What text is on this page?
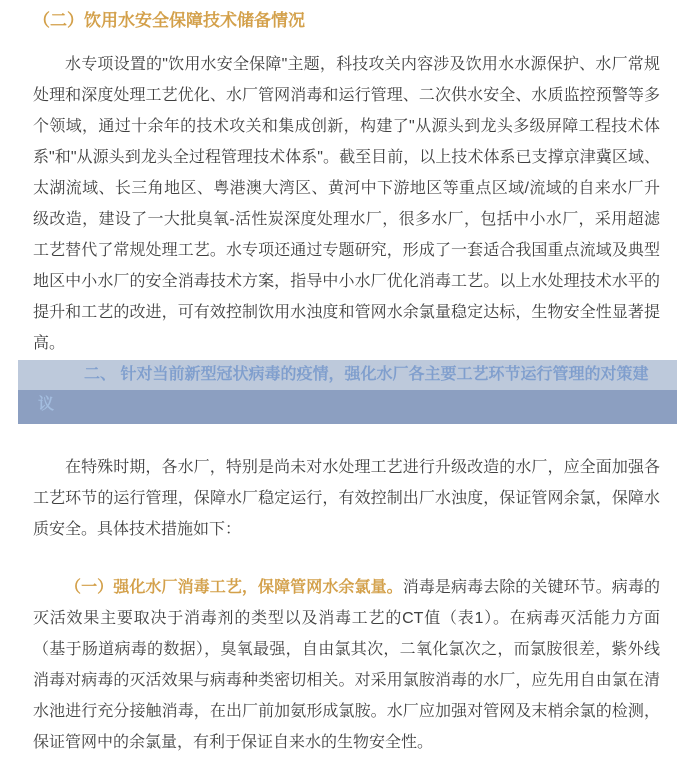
（二）饮用水安全保障技术储备情况

水专项设置的"饮用水安全保障"主题，科技攻关内容涉及饮用水水源保护、水厂常规处理和深度处理工艺优化、水厂管网消毒和运行管理、二次供水安全、水质监控预警等多个领域，通过十余年的技术攻关和集成创新，构建了"从源头到龙头多级屏障工程技术体系"和"从源头到龙头全过程管理技术体系"。截至目前，以上技术体系已支撑京津冀区域、太湖流域、长三角地区、粤港澳大湾区、黄河中下游地区等重点区域/流域的自来水厂升级改造，建设了一大批臭氧-活性炭深度处理水厂，很多水厂，包括中小水厂，采用超滤工艺替代了常规处理工艺。水专项还通过专题研究，形成了一套适合我国重点流域及典型地区中小水厂的安全消毒技术方案，指导中小水厂优化消毒工艺。以上水处理技术水平的提升和工艺的改进，可有效控制饮用水浊度和管网水余氯量稳定达标，生物安全性显著提高。

二、 针对当前新型冠状病毒的疫情，强化水厂各主要工艺环节运行管理的对策建
议

在特殊时期，各水厂，特别是尚未对水处理工艺进行升级改造的水厂，应全面加强各工艺环节的运行管理，保障水厂稳定运行，有效控制出厂水浊度，保证管网余氯，保障水质安全。具体技术措施如下：

（一）强化水厂消毒工艺，保障管网水余氯量。消毒是病毒去除的关键环节。病毒的灭活效果主要取决于消毒剂的类型以及消毒工艺的CT值（表1）。在病毒灭活能力方面（基于肠道病毒的数据），臭氧最强，自由氯其次，二氧化氯次之，而氯胺很差，紫外线消毒对病毒的灭活效果与病毒种类密切相关。对采用氯胺消毒的水厂，应先用自由氯在清水池进行充分接触消毒，在出厂前加氨形成氯胺。水厂应加强对管网及末梢余氯的检测，保证管网中的余氯量，有利于保证自来水的生物安全性。
